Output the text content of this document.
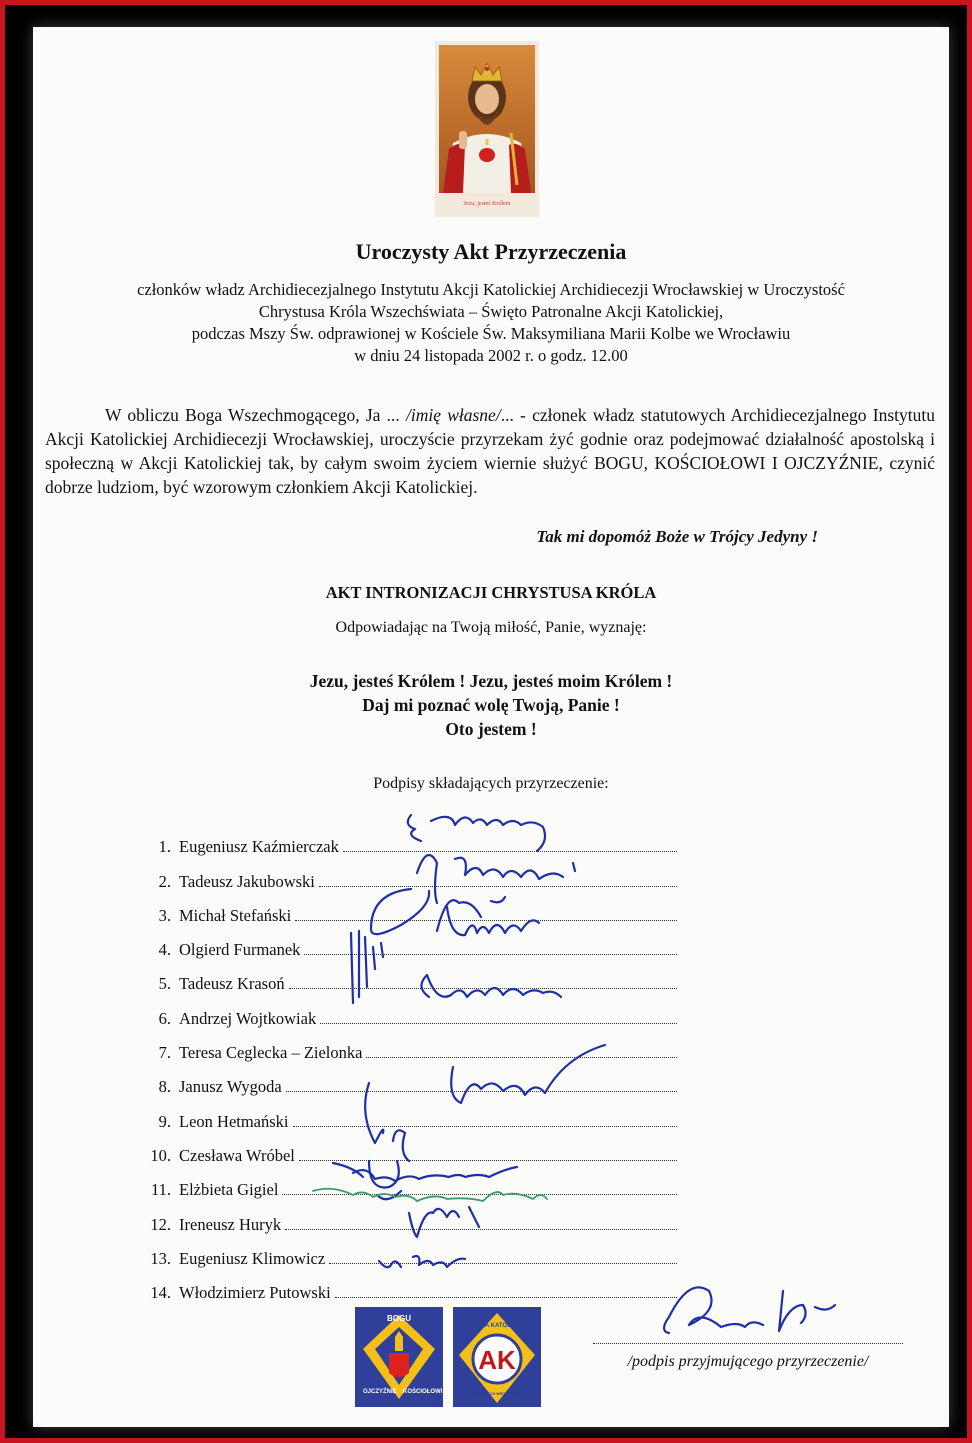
Jezu, jesteś Królem
Uroczysty Akt Przyrzeczenia
członków władz Archidiecezjalnego Instytutu Akcji Katolickiej Archidiecezji Wrocławskiej w Uroczystość
Chrystusa Króla Wszechświata – Święto Patronalne Akcji Katolickiej,
podczas Mszy Św. odprawionej w Kościele Św. Maksymiliana Marii Kolbe we Wrocławiu
w dniu 24 listopada 2002 r. o godz. 12.00
W obliczu Boga Wszechmogącego, Ja ... /imię własne/... - członek władz statutowych Archidiecezjalnego Instytutu Akcji Katolickiej Archidiecezji Wrocławskiej, uroczyście przyrzekam żyć godnie oraz podejmować działalność apostolską i społeczną w Akcji Katolickiej tak, by całym swoim życiem wiernie służyć BOGU, KOŚCIOŁOWI I OJCZYŹNIE, czynić dobrze ludziom, być wzorowym członkiem Akcji Katolickiej.
Tak mi dopomóż Boże w Trójcy Jedyny !
AKT INTRONIZACJI CHRYSTUSA KRÓLA
Odpowiadając na Twoją miłość, Panie, wyznaję:
Jezu, jesteś Królem ! Jezu, jesteś moim Królem !
Daj mi poznać wolę Twoją, Panie !
Oto jestem !
Podpisy składających przyrzeczenie:
1. Eugeniusz Kaźmierczak
2. Tadeusz Jakubowski
3. Michał Stefański
4. Olgierd Furmanek
5. Tadeusz Krasoń
6. Andrzej Wojtkowiak
7. Teresa Ceglecka – Zielonka
8. Janusz Wygoda
9. Leon Hetmański
10. Czesława Wróbel
11. Elżbieta Gigiel
12. Ireneusz Huryk
13. Eugeniusz Klimowicz
14. Włodzimierz Putowski
BOGU
OJCZYŹNIE KOŚCIOŁOWI
AK
AKCJA KATOLICKA
ARCHIDIECEZJI WROCŁAWSKIEJ
/podpis przyjmującego przyrzeczenie/
